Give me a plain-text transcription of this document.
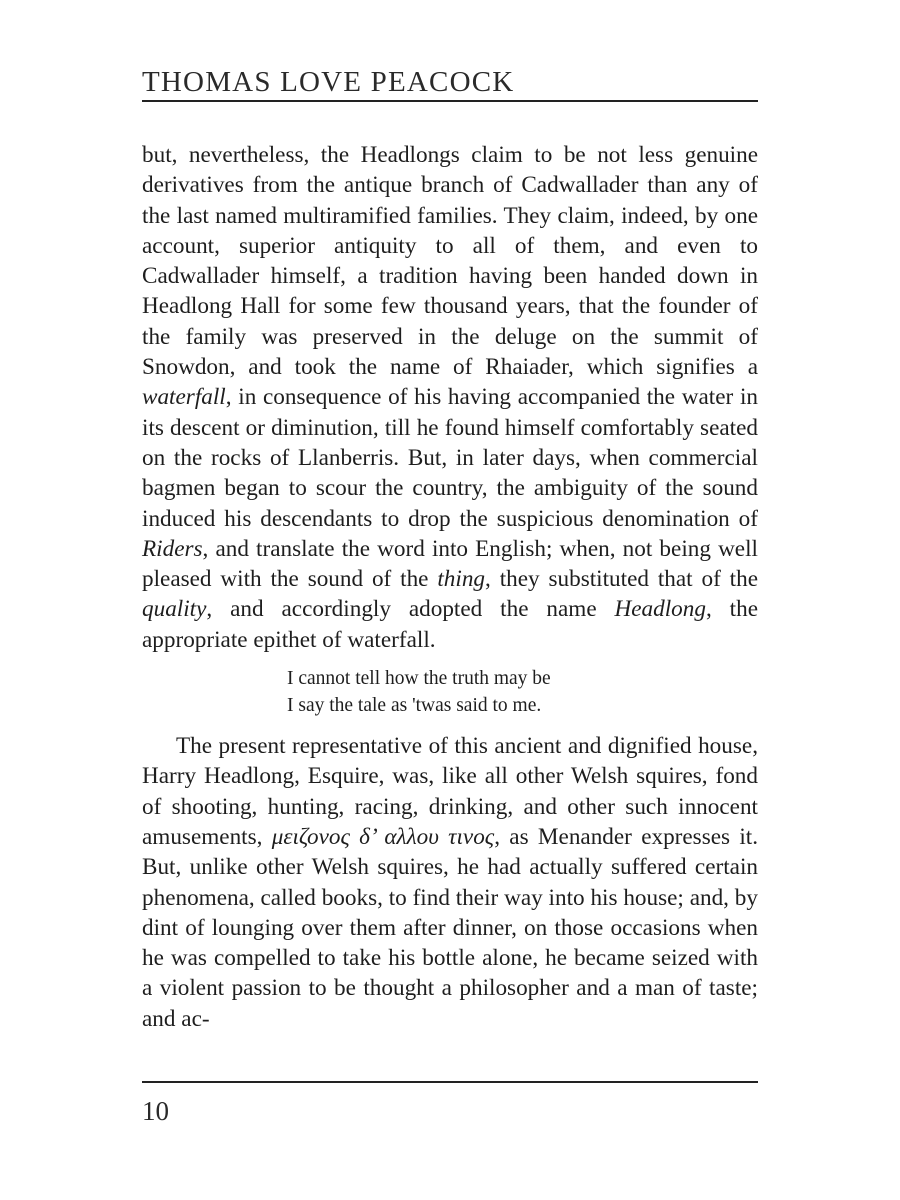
THOMAS LOVE PEACOCK

but, nevertheless, the Headlongs claim to be not less genuine derivatives from the antique branch of Cadwallader than any of the last named multiramified families. They claim, indeed, by one account, superior antiquity to all of them, and even to Cadwallader himself, a tradition having been handed down in Headlong Hall for some few thousand years, that the founder of the family was preserved in the deluge on the summit of Snowdon, and took the name of Rhaiader, which signifies a waterfall, in consequence of his having accompanied the water in its descent or diminution, till he found himself comfortably seated on the rocks of Llanberris. But, in later days, when commercial bagmen began to scour the country, the ambiguity of the sound induced his descendants to drop the suspicious denomination of Riders, and translate the word into English; when, not being well pleased with the sound of the thing, they substituted that of the quality, and accordingly adopted the name Headlong, the appropriate epithet of waterfall.

I cannot tell how the truth may be
I say the tale as 'twas said to me.

The present representative of this ancient and dignified house, Harry Headlong, Esquire, was, like all other Welsh squires, fond of shooting, hunting, racing, drinking, and other such innocent amusements, μειζονος δ’ αλλου τινος, as Menander expresses it. But, unlike other Welsh squires, he had actually suffered certain phenomena, called books, to find their way into his house; and, by dint of lounging over them after dinner, on those occasions when he was compelled to take his bottle alone, he became seized with a violent passion to be thought a philosopher and a man of taste; and ac-

10
